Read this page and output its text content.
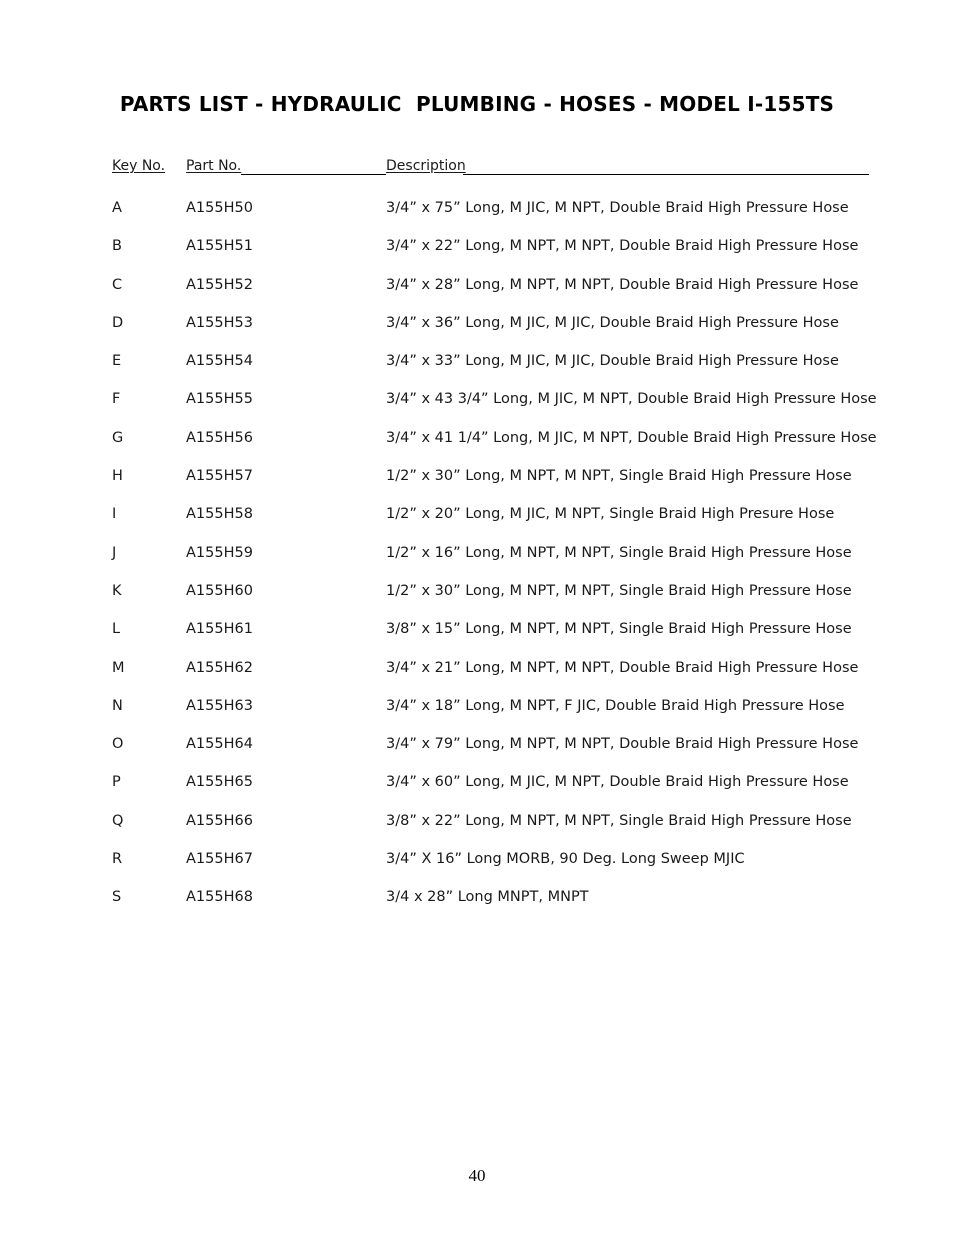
PARTS LIST - HYDRAULIC  PLUMBING - HOSES - MODEL I-155TS
Key No. Part No.	Description
A	A155H50	3/4” x 75” Long, M JIC, M NPT, Double Braid High Pressure Hose
B	A155H51	3/4” x 22” Long, M NPT, M NPT, Double Braid High Pressure Hose
C	A155H52	3/4” x 28” Long, M NPT, M NPT, Double Braid High Pressure Hose
D	A155H53	3/4” x 36” Long, M JIC, M JIC, Double Braid High Pressure Hose
E	A155H54	3/4” x 33” Long, M JIC, M JIC, Double Braid High Pressure Hose
F	A155H55	3/4” x 43 3/4” Long, M JIC, M NPT, Double Braid High Pressure Hose
G	A155H56	3/4” x 41 1/4” Long, M JIC, M NPT, Double Braid High Pressure Hose
H	A155H57	1/2” x 30” Long, M NPT, M NPT, Single Braid High Pressure Hose
I	A155H58	1/2” x 20” Long, M JIC, M NPT, Single Braid High Presure Hose
J	A155H59	1/2” x 16” Long, M NPT, M NPT, Single Braid High Pressure Hose
K	A155H60	1/2” x 30” Long, M NPT, M NPT, Single Braid High Pressure Hose
L	A155H61	3/8” x 15” Long, M NPT, M NPT, Single Braid High Pressure Hose
M	A155H62	3/4” x 21” Long, M NPT, M NPT, Double Braid High Pressure Hose
N	A155H63	3/4” x 18” Long, M NPT, F JIC, Double Braid High Pressure Hose
O	A155H64	3/4” x 79” Long, M NPT, M NPT, Double Braid High Pressure Hose
P	A155H65	3/4” x 60” Long, M JIC, M NPT, Double Braid High Pressure Hose
Q	A155H66	3/8” x 22” Long, M NPT, M NPT, Single Braid High Pressure Hose
R	A155H67	3/4” X 16” Long MORB, 90 Deg. Long Sweep MJIC
S	A155H68	3/4 x 28” Long MNPT, MNPT
40
